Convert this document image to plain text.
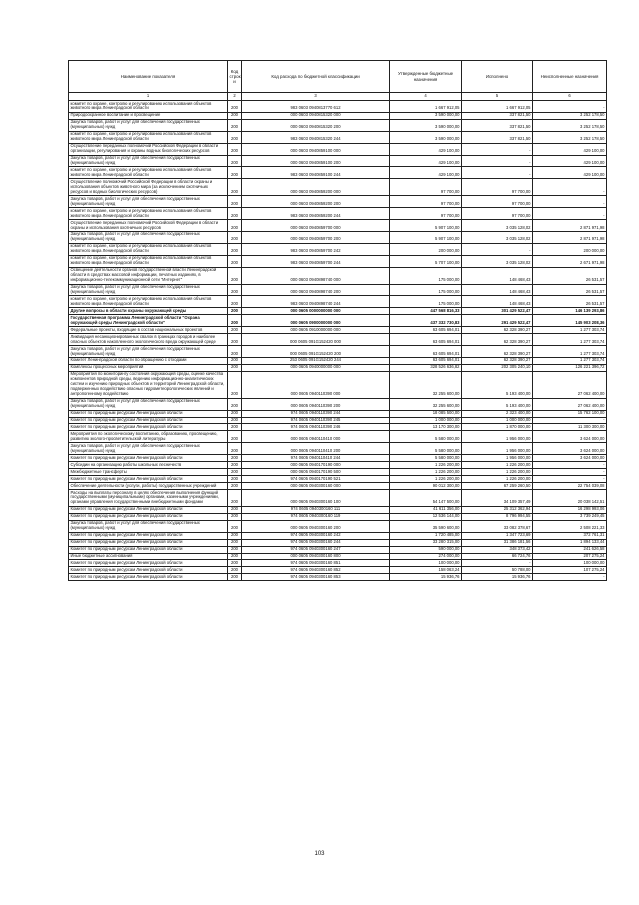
Наименование показателя	Код строк и	Код расхода по бюджетной классификации	Утвержденные бюджетные назначения	Исполнено	Неисполненные назначения
1	2	3	4	5	6
комитет по охране, контролю и регулированию использования объектов животного мира Ленинградской области	200	983 0603 0940813770 612	1 667 912,05	1 667 912,05	-
Природоохранное воспитание и просвещение	200	000 0603 0940815320 000	3 590 000,00	337 821,50	3 252 178,50
Закупка товаров, работ и услуг для обеспечения государственных (муниципальных) нужд	200	000 0603 0940815320 200	3 590 000,00	337 821,50	3 252 178,50
комитет по охране, контролю и регулированию использования объектов животного мира Ленинградской области	200	983 0603 0940815320 244	3 590 000,00	337 821,50	3 252 178,50
Осуществление переданных полномочий Российской Федерации в области организации, регулирования и охраны водных биологических ресурсов	200	000 0603 0940859100 000	429 100,00	-	429 100,00
Закупка товаров, работ и услуг для обеспечения государственных (муниципальных) нужд	200	000 0603 0940859100 200	429 100,00	-	429 100,00
комитет по охране, контролю и регулированию использования объектов животного мира Ленинградской области	200	983 0603 0940859100 244	429 100,00	-	429 100,00
Осуществление полномочий Российской Федерации в области охраны и использования объектов животного мира (за исключением охотничьих ресурсов и водных биологических ресурсов)	200	000 0603 0940859200 000	97 700,00	97 700,00	-
Закупка товаров, работ и услуг для обеспечения государственных (муниципальных) нужд	200	000 0603 0940859200 200	97 700,00	97 700,00	-
комитет по охране, контролю и регулированию использования объектов животного мира Ленинградской области	200	983 0603 0940859200 244	97 700,00	97 700,00	-
Осуществление переданных полномочий Российской Федерации в области охраны и использования охотничьих ресурсов	200	000 0603 0940859700 000	5 907 100,00	3 035 128,02	2 871 971,98
Закупка товаров, работ и услуг для обеспечения государственных (муниципальных) нужд	200	000 0603 0940859700 200	5 907 100,00	3 035 128,02	2 871 971,98
комитет по охране, контролю и регулированию использования объектов животного мира Ленинградской области	200	983 0603 0940859700 242	200 000,00	-	200 000,00
комитет по охране, контролю и регулированию использования объектов животного мира Ленинградской области	200	983 0603 0940859700 244	5 707 100,00	3 035 128,02	2 671 971,98
Освещение деятельности органов государственной власти Ленинградской области в средствах массовой информации, печатных изданиях, в информационно-телекоммуникационной сети "Интернет"	200	000 0603 0940898740 000	175 000,00	148 468,43	26 531,57
Закупка товаров, работ и услуг для обеспечения государственных (муниципальных) нужд	200	000 0603 0940898740 200	175 000,00	148 468,43	26 531,57
комитет по охране, контролю и регулированию использования объектов животного мира Ленинградской области	200	983 0603 0940898740 244	175 000,00	148 468,43	26 531,57
Другие вопросы в области охраны окружающей среды	200	000 0605 0000000000 000	447 568 816,33	301 429 522,47	146 139 293,86
Государственная программа Ленинградской области "Охрана окружающей среды Ленинградской области"	200	000 0605 0900000000 000	437 332 730,83	291 429 522,47	145 903 208,36
Федеральные проекты, входящие в состав национальных проектов	200	000 0605 0910000000 000	63 605 694,01	62 328 390,27	1 277 303,74
Ликвидация несанкционированных свалок в границах городов и наиболее опасных объектов накопленного экологического вреда окружающей среде	200	000 0605 091G152420 000	63 605 694,01	62 328 390,27	1 277 303,74
Закупка товаров, работ и услуг для обеспечения государственных (муниципальных) нужд	200	000 0605 091G152420 200	63 605 694,01	62 328 390,27	1 277 303,74
Комитет Ленинградской области по обращению с отходами	200	253 0605 091G152420 244	63 605 694,01	62 328 390,27	1 277 303,74
Комплексы процессных мероприятий	200	000 0605 0940000000 000	328 526 636,82	202 305 240,10	126 221 396,72
Мероприятия по мониторингу состояния окружающей среды, оценке качества компонентов природной среды, ведению информационно-аналитических систем и изучению природных объектов и территорий Ленинградской области, подверженных воздействию опасных гидрометеорологических явлений и антропогенному воздействию	200	000 0605 0940110390 000	32 255 600,00	5 193 400,00	27 062 400,00
Закупка товаров, работ и услуг для обеспечения государственных (муниципальных) нужд	200	000 0605 0940110390 200	32 255 600,00	5 193 400,00	27 062 400,00
Комитет по природным ресурсам Ленинградской области	200	974 0605 0940110390 244	18 085 500,00	2 323 400,00	15 762 100,00
Комитет по природным ресурсам Ленинградской области	200	974 0605 0940110390 245	1 000 000,00	1 000 000,00	-
Комитет по природным ресурсам Ленинградской области	200	974 0605 0940110390 246	13 170 300,00	1 870 000,00	11 300 300,00
Мероприятия по экологическому воспитанию, образованию, просвещению, развитию эколого-просветительской литературы	200	000 0605 0940110410 000	5 580 000,00	1 956 000,00	3 624 000,00
Закупка товаров, работ и услуг для обеспечения государственных (муниципальных) нужд	200	000 0605 0940110410 200	5 580 000,00	1 956 000,00	3 624 000,00
Комитет по природным ресурсам Ленинградской области	200	974 0605 0940110410 244	5 580 000,00	1 956 000,00	3 624 000,00
Субсидии на организацию работы школьных лесничеств	200	000 0605 0940170190 000	1 226 200,00	1 226 200,00	-
Межбюджетные трансферты	200	000 0605 0940170190 500	1 226 200,00	1 226 200,00	-
Комитет по природным ресурсам Ленинградской области	200	974 0605 0940170190 521	1 226 200,00	1 226 200,00	-
Обеспечение деятельности (услуги, работы) государственных учреждений	200	000 0605 0940300160 000	90 012 300,00	67 259 260,50	22 754 039,08
Расходы на выплаты персоналу в целях обеспечения выполнения функций государственными (муниципальными) органами, казенными учреждениями, органами управления государственными внебюджетными фондами	200	000 0605 0940300160 100	54 147 500,00	34 109 357,49	20 038 142,51
Комитет по природным ресурсам Ленинградской области	200	974 0605 0940300160 111	41 611 356,00	25 312 362,94	16 298 993,06
Комитет по природным ресурсам Ленинградской области	200	974 0605 0940300160 119	12 536 144,00	8 796 994,55	3 739 249,45
Закупка товаров, работ и услуг для обеспечения государственных (муниципальных) нужд	200	000 0605 0940300160 200	35 590 600,00	33 082 378,67	2 508 221,33
Комитет по природным ресурсам Ленинградской области	200	974 0605 0940300160 242	1 720 485,00	1 347 723,69	372 761,31
Комитет по природным ресурсам Ленинградской области	200	974 0605 0940300160 244	33 280 315,00	31 386 181,56	1 894 133,44
Комитет по природным ресурсам Ленинградской области	200	974 0605 0940300160 247	590 000,00	348 373,42	241 626,58
Иные бюджетные ассигнования	200	000 0605 0940300160 800	274 000,00	66 724,76	207 275,24
Комитет по природным ресурсам Ленинградской области	200	974 0605 0940300160 851	100 000,00	-	100 000,00
Комитет по природным ресурсам Ленинградской области	200	974 0605 0940300160 852	158 063,24	50 788,00	107 275,24
Комитет по природным ресурсам Ленинградской области	200	974 0605 0940300160 853	15 936,76	15 936,76	-
103
